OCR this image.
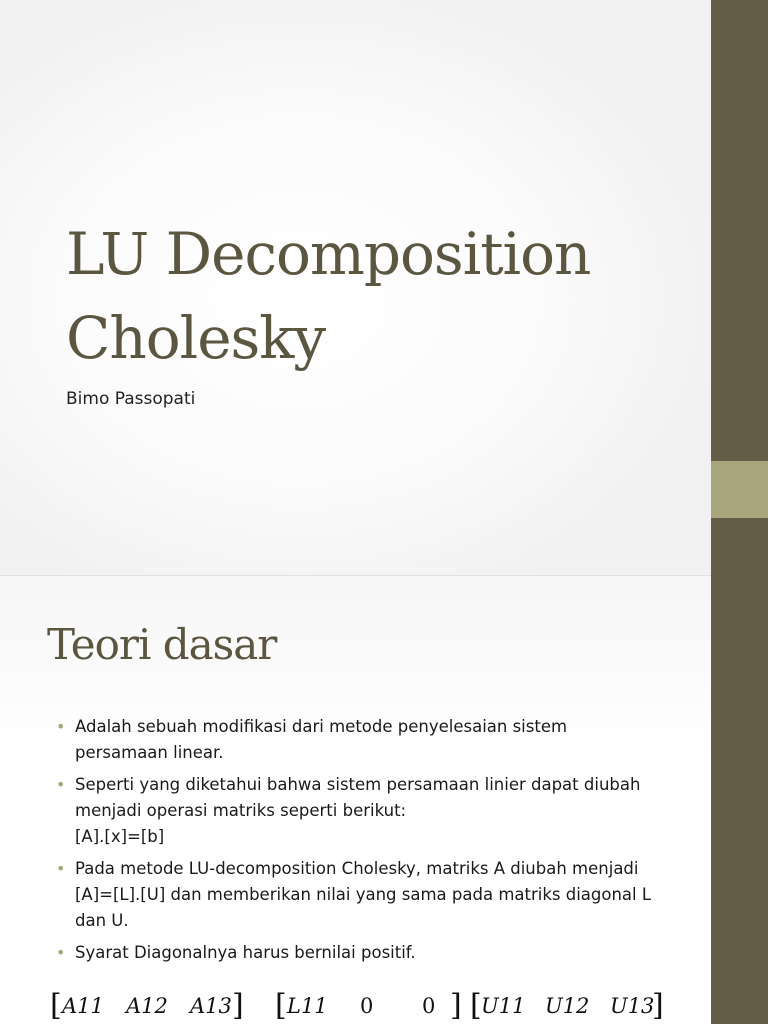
LU Decomposition
Cholesky
Bimo Passopati
Teori dasar
• Adalah sebuah modifikasi dari metode penyelesaian sistem
persamaan linear.
• Seperti yang diketahui bahwa sistem persamaan linier dapat diubah
menjadi operasi matriks seperti berikut:
[A].[x]=[b]
• Pada metode LU-decomposition Cholesky, matriks A diubah menjadi
[A]=[L].[U] dan memberikan nilai yang sama pada matriks diagonal L
dan U.
• Syarat Diagonalnya harus bernilai positif.
[ A11 A12 A13 ] [ L11 0 0 ] [ U11 U12 U13
]
